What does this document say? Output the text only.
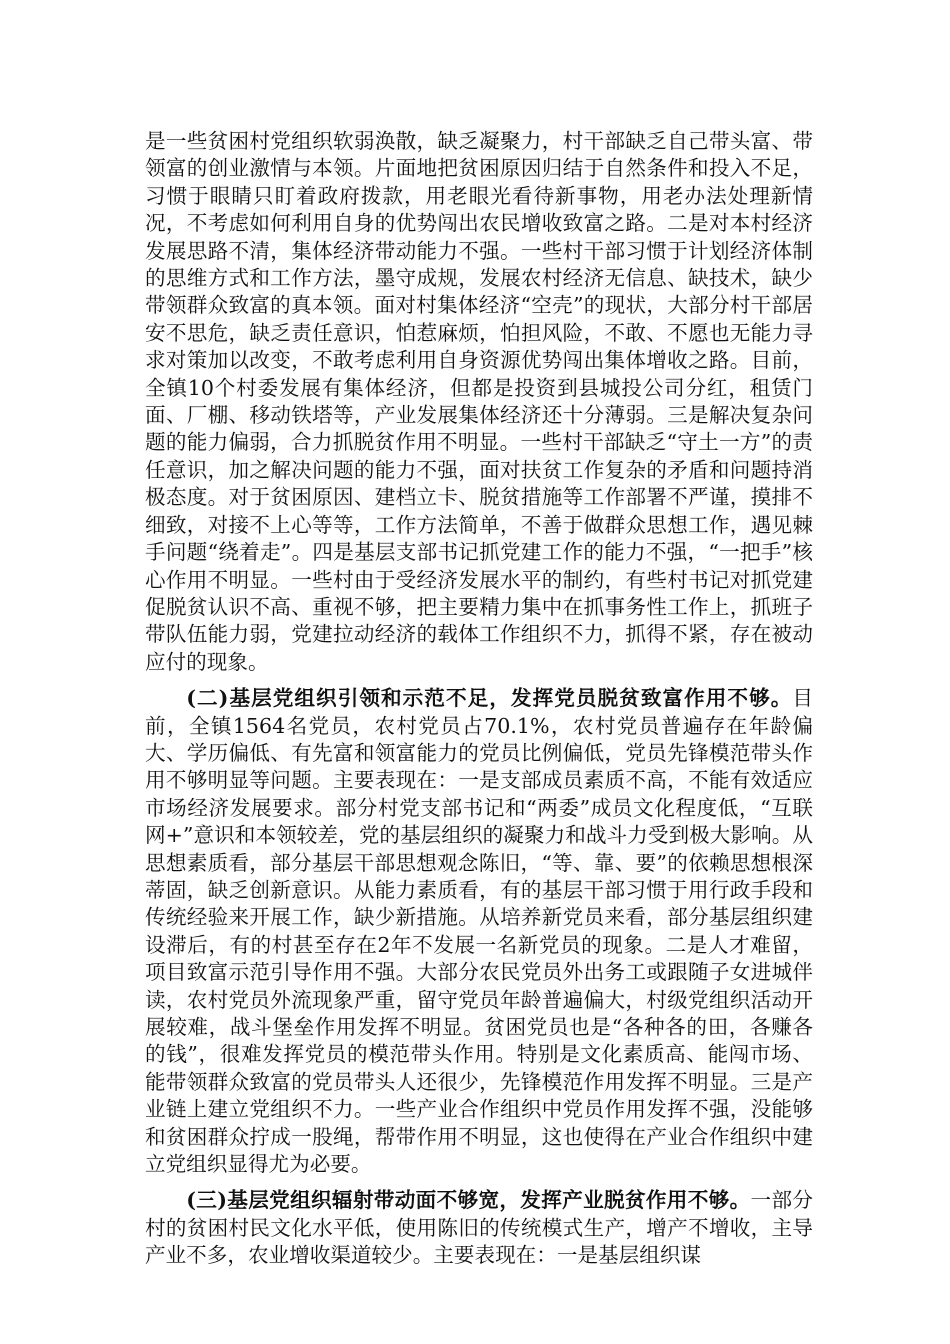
是一些贫困村党组织软弱涣散，缺乏凝聚力，村干部缺乏自己带头富、带领富的创业激情与本领。片面地把贫困原因归结于自然条件和投入不足，习惯于眼睛只盯着政府拨款，用老眼光看待新事物，用老办法处理新情况，不考虑如何利用自身的优势闯出农民增收致富之路。二是对本村经济发展思路不清，集体经济带动能力不强。一些村干部习惯于计划经济体制的思维方式和工作方法，墨守成规，发展农村经济无信息、缺技术，缺少带领群众致富的真本领。面对村集体经济“空壳”的现状，大部分村干部居安不思危，缺乏责任意识，怕惹麻烦，怕担风险，不敢、不愿也无能力寻求对策加以改变，不敢考虑利用自身资源优势闯出集体增收之路。目前，全镇10个村委发展有集体经济，但都是投资到县城投公司分红，租赁门面、厂棚、移动铁塔等，产业发展集体经济还十分薄弱。三是解决复杂问题的能力偏弱，合力抓脱贫作用不明显。一些村干部缺乏“守土一方”的责任意识，加之解决问题的能力不强，面对扶贫工作复杂的矛盾和问题持消极态度。对于贫困原因、建档立卡、脱贫措施等工作部署不严谨，摸排不细致，对接不上心等等，工作方法简单，不善于做群众思想工作，遇见棘手问题“绕着走”。四是基层支部书记抓党建工作的能力不强，“一把手”核心作用不明显。一些村由于受经济发展水平的制约，有些村书记对抓党建促脱贫认识不高、重视不够，把主要精力集中在抓事务性工作上，抓班子带队伍能力弱，党建拉动经济的载体工作组织不力，抓得不紧，存在被动应付的现象。

(二)基层党组织引领和示范不足，发挥党员脱贫致富作用不够。目前，全镇1564名党员，农村党员占70.1%，农村党员普遍存在年龄偏大、学历偏低、有先富和领富能力的党员比例偏低，党员先锋模范带头作用不够明显等问题。主要表现在：一是支部成员素质不高，不能有效适应市场经济发展要求。部分村党支部书记和“两委”成员文化程度低，“互联网+”意识和本领较差，党的基层组织的凝聚力和战斗力受到极大影响。从思想素质看，部分基层干部思想观念陈旧，“等、靠、要”的依赖思想根深蒂固，缺乏创新意识。从能力素质看，有的基层干部习惯于用行政手段和传统经验来开展工作，缺少新措施。从培养新党员来看，部分基层组织建设滞后，有的村甚至存在2年不发展一名新党员的现象。二是人才难留，项目致富示范引导作用不强。大部分农民党员外出务工或跟随子女进城伴读，农村党员外流现象严重，留守党员年龄普遍偏大，村级党组织活动开展较难，战斗堡垒作用发挥不明显。贫困党员也是“各种各的田，各赚各的钱”，很难发挥党员的模范带头作用。特别是文化素质高、能闯市场、能带领群众致富的党员带头人还很少，先锋模范作用发挥不明显。三是产业链上建立党组织不力。一些产业合作组织中党员作用发挥不强，没能够和贫困群众拧成一股绳，帮带作用不明显，这也使得在产业合作组织中建立党组织显得尤为必要。

(三)基层党组织辐射带动面不够宽，发挥产业脱贫作用不够。一部分村的贫困村民文化水平低，使用陈旧的传统模式生产，增产不增收，主导产业不多，农业增收渠道较少。主要表现在：一是基层组织谋
